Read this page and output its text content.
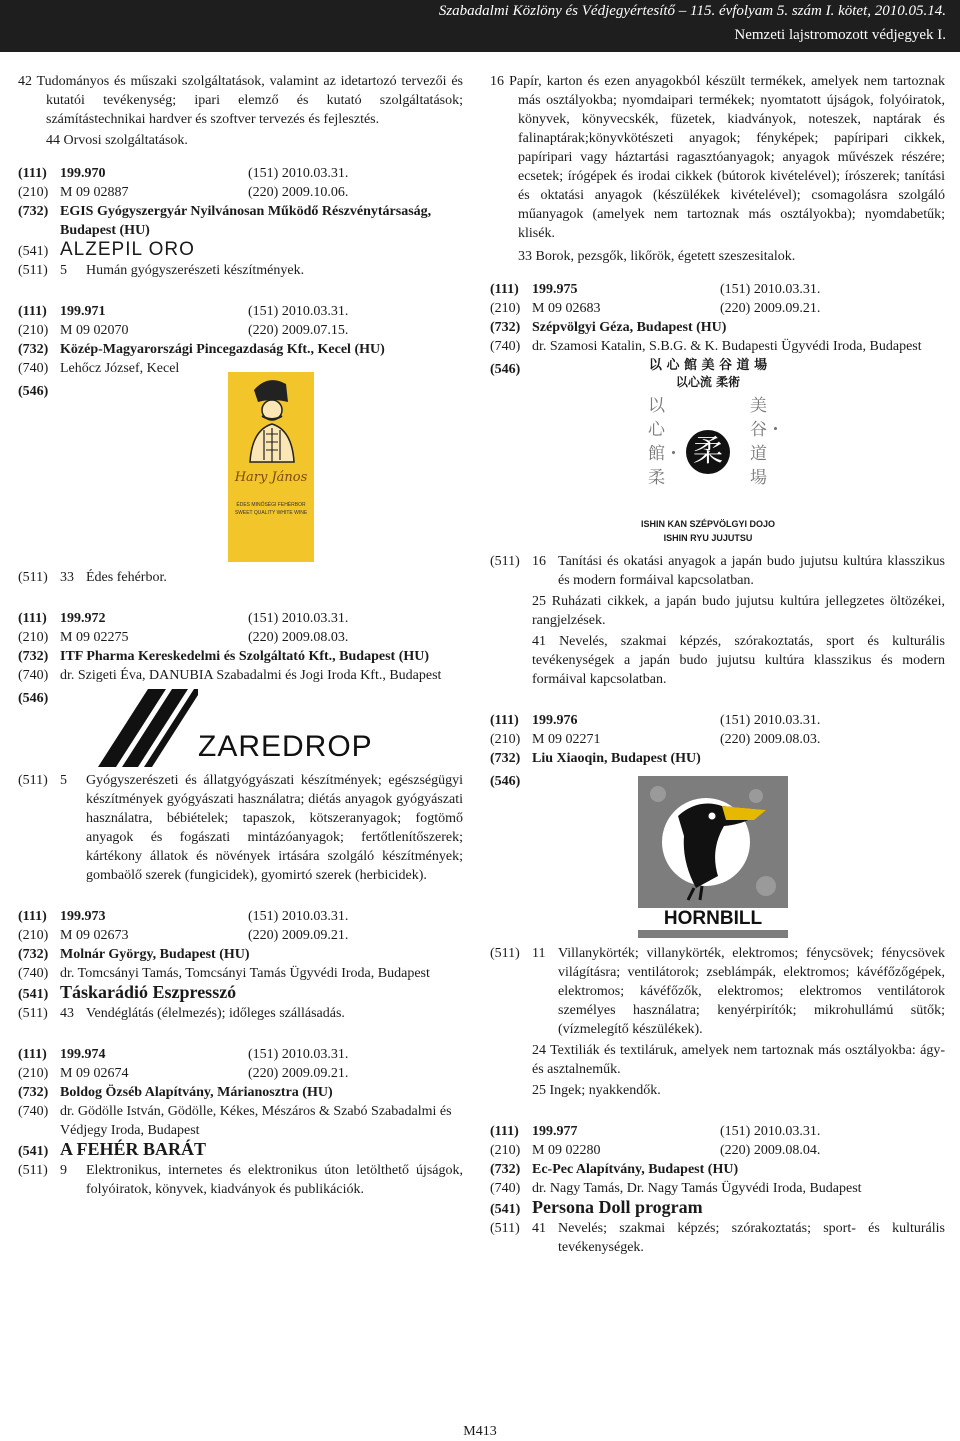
Szabadalmi Közlöny és Védjegyértesítő – 115. évfolyam 5. szám I. kötet, 2010.05.14.
Nemzeti lajstromozott védjegyek I.

42 Tudományos és műszaki szolgáltatások, valamint az idetartozó tervezői és kutatói tevékenység; ipari elemző és kutató szolgáltatások; számítástechnikai hardver és szoftver tervezés és fejlesztés.

44 Orvosi szolgáltatások.

(111) 199.970	(151) 2010.03.31.
(210) M 09 02887	(220) 2009.10.06.
(732) EGIS Gyógyszergyár Nyilvánosan Működő Részvénytársaság, Budapest (HU)
(541) ALZEPIL ORO
(511) 5	Humán gyógyszerészeti készítmények.
(111) 199.971	(151) 2010.03.31.
(210) M 09 02070	(220) 2009.07.15.
(732) Közép-Magyarországi Pincegazdaság Kft., Kecel (HU)
(740) Lehőcz József, Kecel
(546)
Hary János
ÉDES MINŐSÉGI FEHÉRBOR
SWEET QUALITY WHITE WINE
(511) 33 Édes fehérbor.
(111) 199.972	(151) 2010.03.31.
(210) M 09 02275	(220) 2009.08.03.
(732) ITF Pharma Kereskedelmi és Szolgáltató Kft., Budapest (HU)
(740) dr. Szigeti Éva, DANUBIA Szabadalmi és Jogi Iroda Kft., Budapest
(546)
ZAREDROP
(511) 5	Gyógyszerészeti és állatgyógyászati készítmények; egészségügyi készítmények gyógyászati használatra; diétás anyagok gyógyászati használatra, bébiételek; tapaszok, kötszeranyagok; fogtömő anyagok és fogászati mintázóanyagok; fertőtlenítőszerek; kártékony állatok és növények irtására szolgáló készítmények; gombaölő szerek (fungicidek), gyomirtó szerek (herbicidek).
(111) 199.973	(151) 2010.03.31.
(210) M 09 02673	(220) 2009.09.21.
(732) Molnár György, Budapest (HU)
(740) dr. Tomcsányi Tamás, Tomcsányi Tamás Ügyvédi Iroda, Budapest
(541) Táskarádió Eszpresszó
(511) 43 Vendéglátás (élelmezés); időleges szállásadás.
(111) 199.974	(151) 2010.03.31.
(210) M 09 02674	(220) 2009.09.21.
(732) Boldog Özséb Alapítvány, Márianosztra (HU)
(740) dr. Gödölle István, Gödölle, Kékes, Mészáros & Szabó Szabadalmi és Védjegy Iroda, Budapest
(541) A FEHÉR BARÁT
(511) 9	Elektronikus, internetes és elektronikus úton letölthető újságok, folyóiratok, könyvek, kiadványok és publikációk.

16 Papír, karton és ezen anyagokból készült termékek, amelyek nem tartoznak más osztályokba; nyomdaipari termékek; nyomtatott újságok, folyóiratok, könyvek, könyvecskék, füzetek, kiadványok, noteszek, naptárak és falinaptárak;könyvkötészeti anyagok; fényképek; papíripari cikkek, papíripari vagy háztartási ragasztóanyagok; anyagok művészek részére; ecsetek; írógépek és irodai cikkek (bútorok kivételével); írószerek; tanítási és oktatási anyagok (készülékek kivételével); csomagolásra szolgáló műanyagok (amelyek nem tartoznak más osztályokba); nyomdabetűk; klisék.

33 Borok, pezsgők, likőrök, égetett szeszesitalok.

(111) 199.975	(151) 2010.03.31.
(210) M 09 02683	(220) 2009.09.21.
(732) Szépvölgyi Géza, Budapest (HU)
(740) dr. Szamosi Katalin, S.B.G. & K. Budapesti Ügyvédi Iroda, Budapest
(546)	以 心 館 美 谷 道 場
以心流 柔術
以心館・柔
美谷・道場
柔
ISHIN KAN SZÉPVÖLGYI DOJO
ISHIN RYU JUJUTSU
(511) 16 Tanítási és okatási anyagok a japán budo jujutsu kultúra klasszikus és modern formáival kapcsolatban.

25 Ruházati cikkek, a japán budo jujutsu kultúra jellegzetes öltözékei, rangjelzések.

41 Nevelés, szakmai képzés, szórakoztatás, sport és kulturális tevékenységek a japán budo jujutsu kultúra klasszikus és modern formáival kapcsolatban.

(111) 199.976	(151) 2010.03.31.
(210) M 09 02271	(220) 2009.08.03.
(732) Liu Xiaoqin, Budapest (HU)
(546)
HORNBILL
(511) 11 Villanykörték; villanykörték, elektromos; fénycsövek; fénycsövek világításra; ventilátorok; zseblámpák, elektromos; kávéfőzőgépek, elektromos; kávéfőzők, elektromos; elektromos ventilátorok személyes használatra; kenyérpirítók; mikrohullámú sütők; (vízmelegítő készülékek).

24 Textiliák és textiláruk, amelyek nem tartoznak más osztályokba: ágy- és asztalneműk.

25 Ingek; nyakkendők.

(111) 199.977	(151) 2010.03.31.
(210) M 09 02280	(220) 2009.08.04.
(732) Ec-Pec Alapítvány, Budapest (HU)
(740) dr. Nagy Tamás, Dr. Nagy Tamás Ügyvédi Iroda, Budapest
(541) Persona Doll program
(511) 41 Nevelés; szakmai képzés; szórakoztatás; sport- és kulturális tevékenységek.
M413
